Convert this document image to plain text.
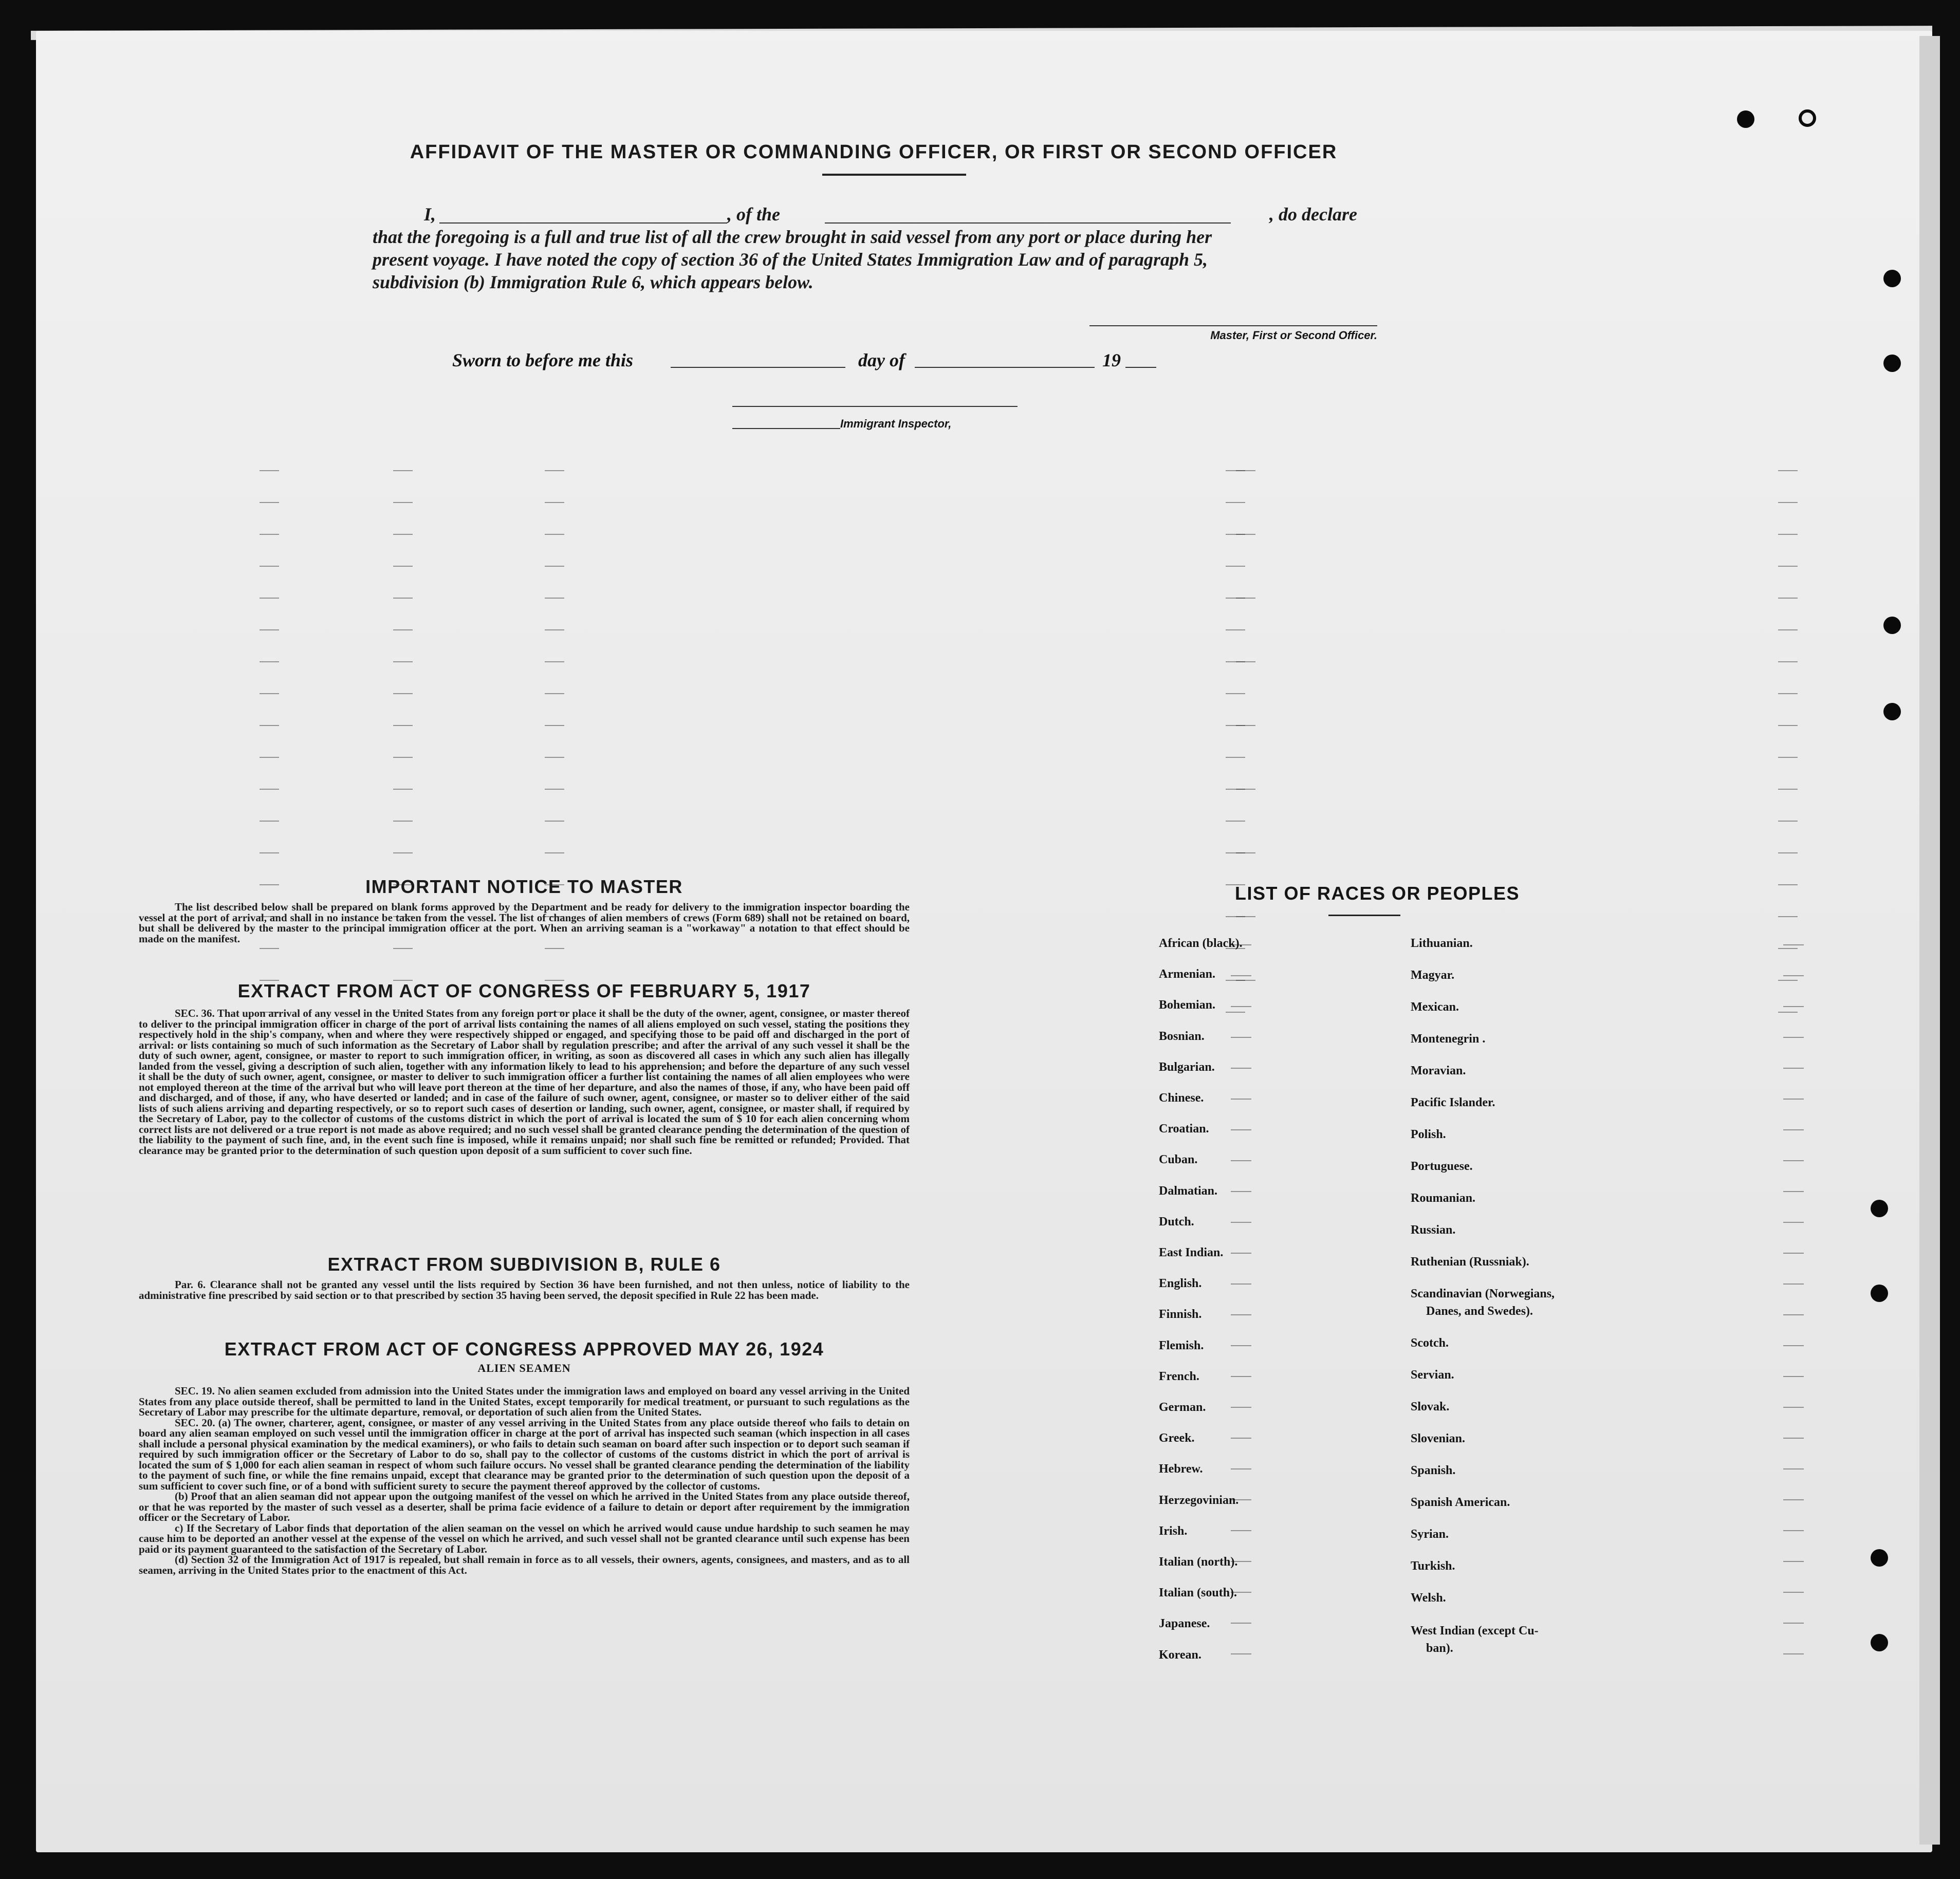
AFFIDAVIT OF THE MASTER OR COMMANDING OFFICER, OR FIRST OR SECOND OFFICER
I,	, of the	, do declare
that the foregoing is a full and true list of all the crew brought in said vessel from any port or place during her
present voyage. I have noted the copy of section 36 of the United States Immigration Law and of paragraph 5,
subdivision (b) Immigration Rule 6, which appears below.
Master, First or Second Officer.
Sworn to before me this	day of	19
Immigrant Inspector,
IMPORTANT NOTICE TO MASTER

The list described below shall be prepared on blank forms approved by the Department and be ready for delivery to the immigration inspector boarding the vessel at the port of arrival, and shall in no instance be taken from the vessel. The list of changes of alien members of crews (Form 689) shall not be retained on board, but shall be delivered by the master to the principal immigration officer at the port. When an arriving seaman is a "workaway" a notation to that effect should be made on the manifest.

EXTRACT FROM ACT OF CONGRESS OF FEBRUARY 5, 1917

SEC. 36. That upon arrival of any vessel in the United States from any foreign port or place it shall be the duty of the owner, agent, consignee, or master thereof to deliver to the principal immigration officer in charge of the port of arrival lists containing the names of all aliens employed on such vessel, stating the positions they respectively hold in the ship's company, when and where they were respectively shipped or engaged, and specifying those to be paid off and discharged in the port of arrival: or lists containing so much of such information as the Secretary of Labor shall by regulation prescribe; and after the arrival of any such vessel it shall be the duty of such owner, agent, consignee, or master to report to such immigration officer, in writing, as soon as discovered all cases in which any such alien has illegally landed from the vessel, giving a description of such alien, together with any information likely to lead to his apprehension; and before the departure of any such vessel it shall be the duty of such owner, agent, consignee, or master to deliver to such immigration officer a further list containing the names of all alien employees who were not employed thereon at the time of the arrival but who will leave port thereon at the time of her departure, and also the names of those, if any, who have been paid off and discharged, and of those, if any, who have deserted or landed; and in case of the failure of such owner, agent, consignee, or master so to deliver either of the said lists of such aliens arriving and departing respectively, or so to report such cases of desertion or landing, such owner, agent, consignee, or master shall, if required by the Secretary of Labor, pay to the collector of customs of the customs district in which the port of arrival is located the sum of $ 10 for each alien concerning whom correct lists are not delivered or a true report is not made as above required; and no such vessel shall be granted clearance pending the determination of the question of the liability to the payment of such fine, and, in the event such fine is imposed, while it remains unpaid; nor shall such fine be remitted or refunded; Provided. That clearance may be granted prior to the determination of such question upon deposit of a sum sufficient to cover such fine.

EXTRACT FROM SUBDIVISION B, RULE 6

Par. 6. Clearance shall not be granted any vessel until the lists required by Section 36 have been furnished, and not then unless, notice of liability to the administrative fine prescribed by said section or to that prescribed by section 35 having been served, the deposit specified in Rule 22 has been made.

EXTRACT FROM ACT OF CONGRESS APPROVED MAY 26, 1924
ALIEN SEAMEN

SEC. 19. No alien seamen excluded from admission into the United States under the immigration laws and employed on board any vessel arriving in the United States from any place outside thereof, shall be permitted to land in the United States, except temporarily for medical treatment, or pursuant to such regulations as the Secretary of Labor may prescribe for the ultimate departure, removal, or deportation of such alien from the United States.

SEC. 20. (a) The owner, charterer, agent, consignee, or master of any vessel arriving in the United States from any place outside thereof who fails to detain on board any alien seaman employed on such vessel until the immigration officer in charge at the port of arrival has inspected such seaman (which inspection in all cases shall include a personal physical examination by the medical examiners), or who fails to detain such seaman on board after such inspection or to deport such seaman if required by such immigration officer or the Secretary of Labor to do so, shall pay to the collector of customs of the customs district in which the port of arrival is located the sum of $ 1,000 for each alien seaman in respect of whom such failure occurs. No vessel shall be granted clearance pending the determination of the liability to the payment of such fine, or while the fine remains unpaid, except that clearance may be granted prior to the determination of such question upon the deposit of a sum sufficient to cover such fine, or of a bond with sufficient surety to secure the payment thereof approved by the collector of customs.

(b) Proof that an alien seaman did not appear upon the outgoing manifest of the vessel on which he arrived in the United States from any place outside thereof, or that he was reported by the master of such vessel as a deserter, shall be prima facie evidence of a failure to detain or deport after requirement by the immigration officer or the Secretary of Labor.

c) If the Secretary of Labor finds that deportation of the alien seaman on the vessel on which he arrived would cause undue hardship to such seamen he may cause him to be deported an another vessel at the expense of the vessel on which he arrived, and such vessel shall not be granted clearance until such expense has been paid or its payment guaranteed to the satisfaction of the Secretary of Labor.

(d) Section 32 of the Immigration Act of 1917 is repealed, but shall remain in force as to all vessels, their owners, agents, consignees, and masters, and as to all seamen, arriving in the United States prior to the enactment of this Act.

LIST OF RACES OR PEOPLES
African (black).
Armenian.
Bohemian.
Bosnian.
Bulgarian.
Chinese.
Croatian.
Cuban.
Dalmatian.
Dutch.
East Indian.
English.
Finnish.
Flemish.
French.
German.
Greek.
Hebrew.
Herzegovinian.
Irish.
Italian (north).
Italian (south).
Japanese.
Korean.
Lithuanian.
Magyar.
Mexican.
Montenegrin .
Moravian.
Pacific Islander.
Polish.
Portuguese.
Roumanian.
Russian.
Ruthenian (Russniak).
Scandinavian (Norwegians,
Danes, and Swedes).
Scotch.
Servian.
Slovak.
Slovenian.
Spanish.
Spanish American.
Syrian.
Turkish.
Welsh.
West Indian (except Cu-
ban).
